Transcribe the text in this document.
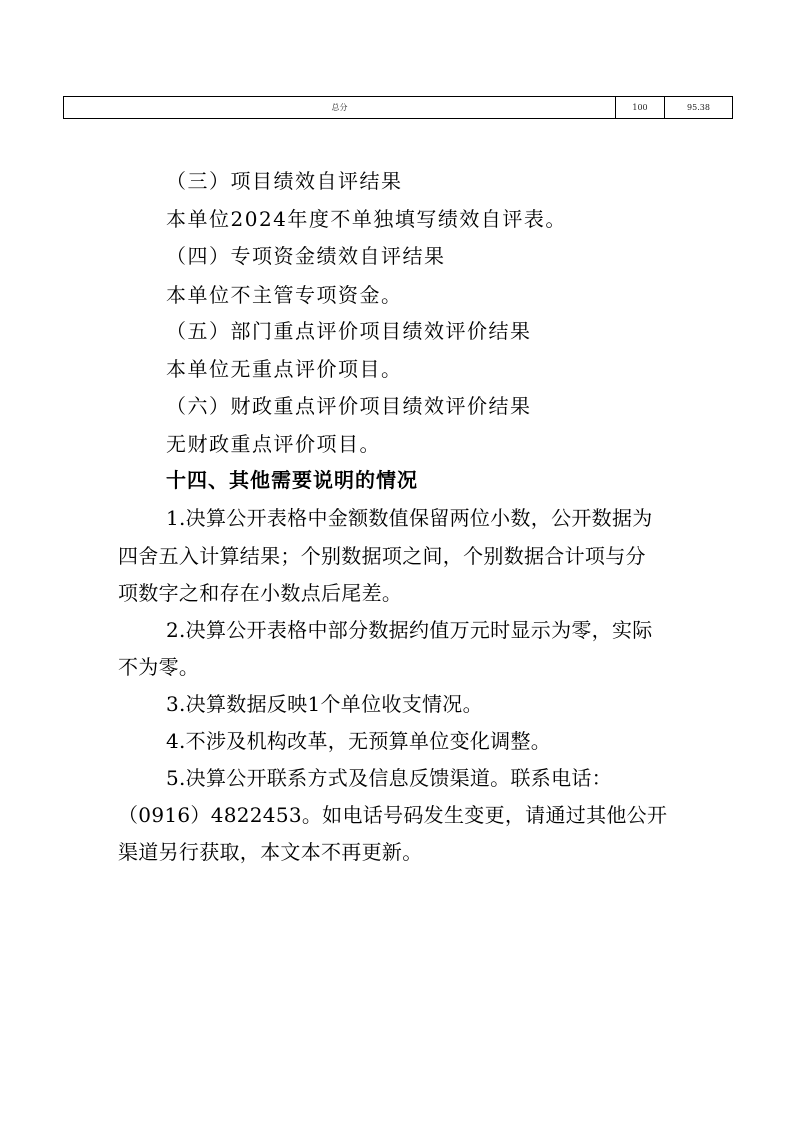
总分	100	95.38
（三）项目绩效自评结果
本单位2024年度不单独填写绩效自评表。
（四）专项资金绩效自评结果
本单位不主管专项资金。
（五）部门重点评价项目绩效评价结果
本单位无重点评价项目。
（六）财政重点评价项目绩效评价结果
无财政重点评价项目。
十四、其他需要说明的情况
1.决算公开表格中金额数值保留两位小数，公开数据为
四舍五入计算结果；个别数据项之间，个别数据合计项与分
项数字之和存在小数点后尾差。
2.决算公开表格中部分数据约值万元时显示为零，实际
不为零。
3.决算数据反映1个单位收支情况。
4.不涉及机构改革，无预算单位变化调整。
5.决算公开联系方式及信息反馈渠道。联系电话：
（0916）4822453。如电话号码发生变更，请通过其他公开
渠道另行获取，本文本不再更新。
